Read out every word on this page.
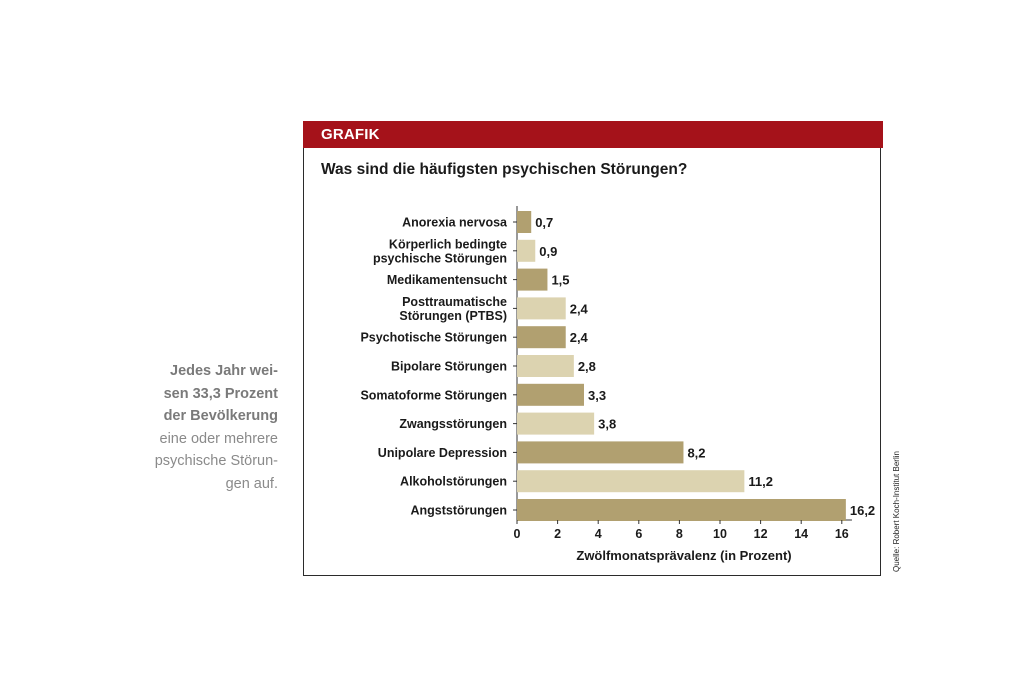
Jedes Jahr wei-
sen 33,3 Prozent
der Bevölkerung
eine oder mehrere
psychische Störun-
gen auf.
GRAFIK
Was sind die häufigsten psychischen Störungen?
0,7
Anorexia nervosa
0,9
Körperlich bedingte
psychische Störungen
1,5
Medikamentensucht
2,4
Posttraumatische
Störungen (PTBS)
2,4
Psychotische Störungen
2,8
Bipolare Störungen
3,3
Somatoforme Störungen
3,8
Zwangsstörungen
8,2
Unipolare Depression
11,2
Alkoholstörungen
16,2
Angststörungen
0	2	4	6	8 10 12 14 16
Zwölfmonatsprävalenz (in Prozent)	Quelle: Robert Koch-Institut Berlin
